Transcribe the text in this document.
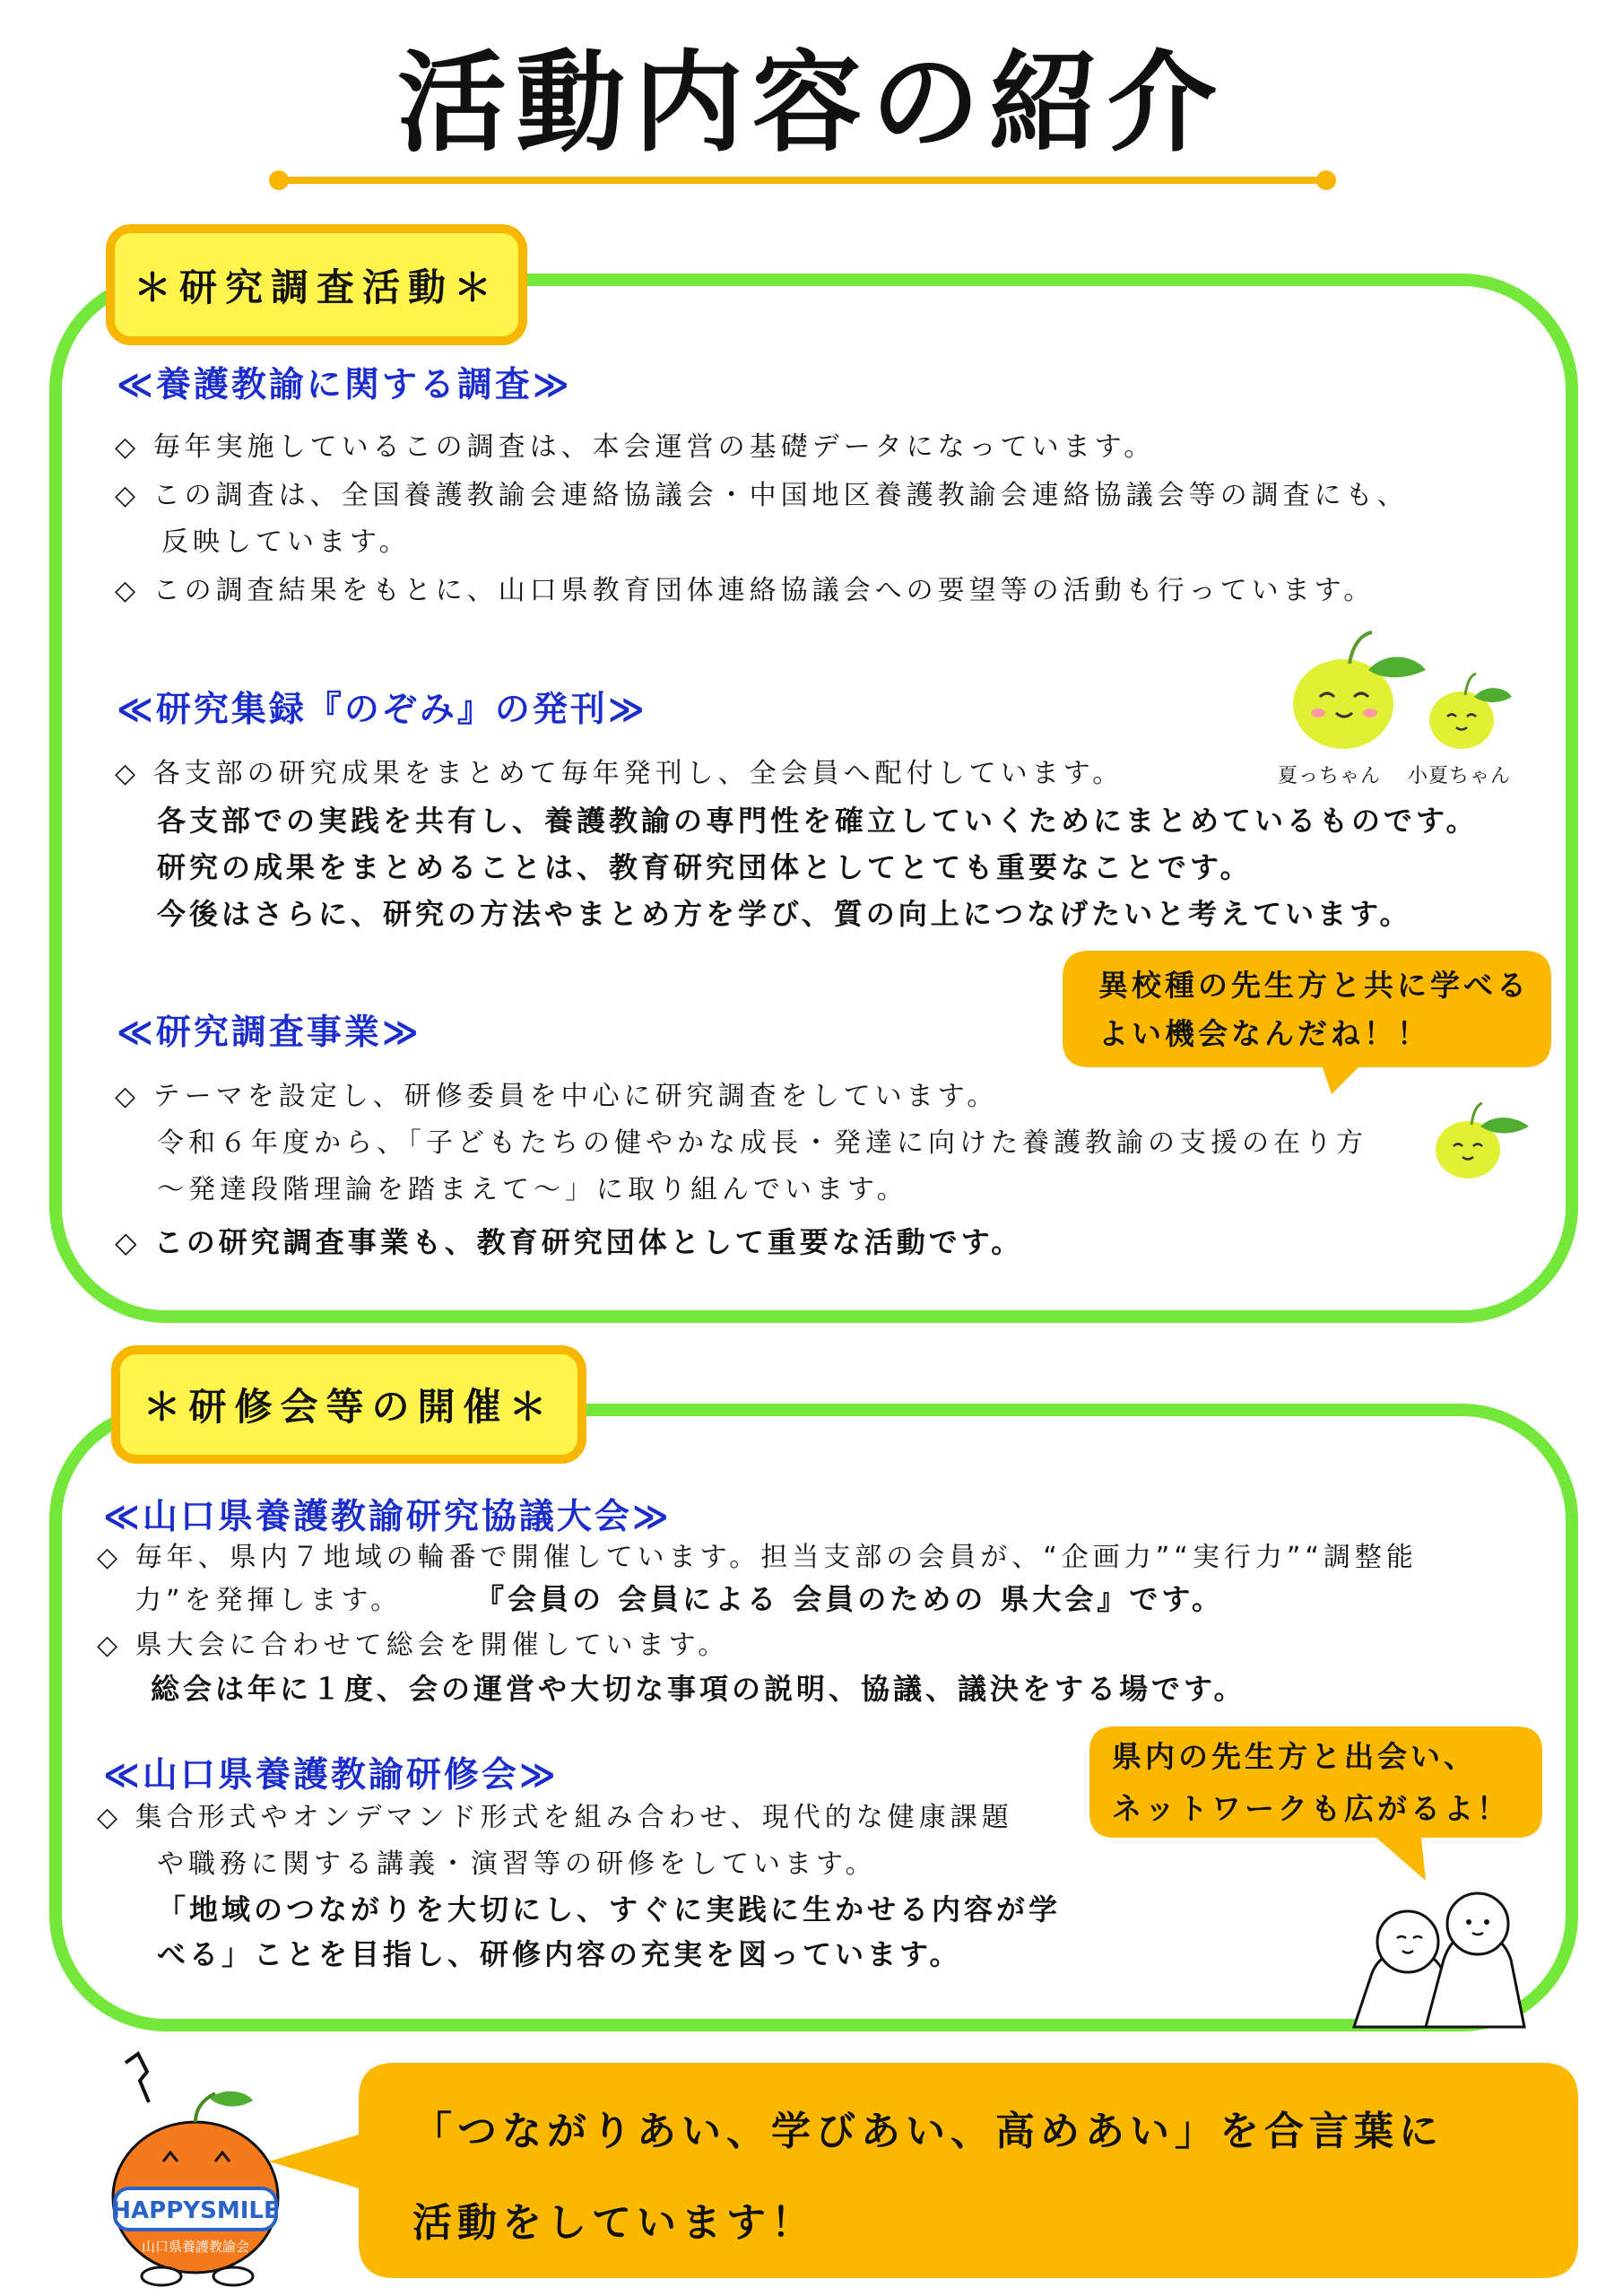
活動内容の紹介
＊研究調査活動＊
≪養護教諭に関する調査≫
◇ 毎年実施しているこの調査は、本会運営の基礎データになっています。
◇ この調査は、全国養護教諭会連絡協議会・中国地区養護教諭会連絡協議会等の調査にも、
反映しています。
◇ この調査結果をもとに、山口県教育団体連絡協議会への要望等の活動も行っています。
≪研究集録『のぞみ』の発刊≫
◇ 各支部の研究成果をまとめて毎年発刊し、全会員へ配付しています。
各支部での実践を共有し、養護教諭の専門性を確立していくためにまとめているものです。
研究の成果をまとめることは、教育研究団体としてとても重要なことです。
今後はさらに、研究の方法やまとめ方を学び、質の向上につなげたいと考えています。
夏っちゃん 小夏ちゃん
≪研究調査事業≫
異校種の先生方と共に学べる
よい機会なんだね！！
◇ テーマを設定し、研修委員を中心に研究調査をしています。
令和６年度から、「子どもたちの健やかな成長・発達に向けた養護教諭の支援の在り方
～発達段階理論を踏まえて～」に取り組んでいます。
◇ この研究調査事業も、教育研究団体として重要な活動です。
＊研修会等の開催＊
≪山口県養護教諭研究協議大会≫
◇ 毎年、県内７地域の輪番で開催しています。担当支部の会員が、“企画力”“実行力”“調整能
力”を発揮します。	『会員の 会員による 会員のための 県大会』です。
◇ 県大会に合わせて総会を開催しています。
総会は年に１度、会の運営や大切な事項の説明、協議、議決をする場です。
≪山口県養護教諭研修会≫	県内の先生方と出会い、
ネットワークも広がるよ！
◇ 集合形式やオンデマンド形式を組み合わせ、現代的な健康課題
や職務に関する講義・演習等の研修をしています。
「地域のつながりを大切にし、すぐに実践に生かせる内容が学
べる」ことを目指し、研修内容の充実を図っています。
HAPPYSMILE
山口県養護教諭会
「つながりあい、学びあい、高めあい」を合言葉に
活動をしています！
